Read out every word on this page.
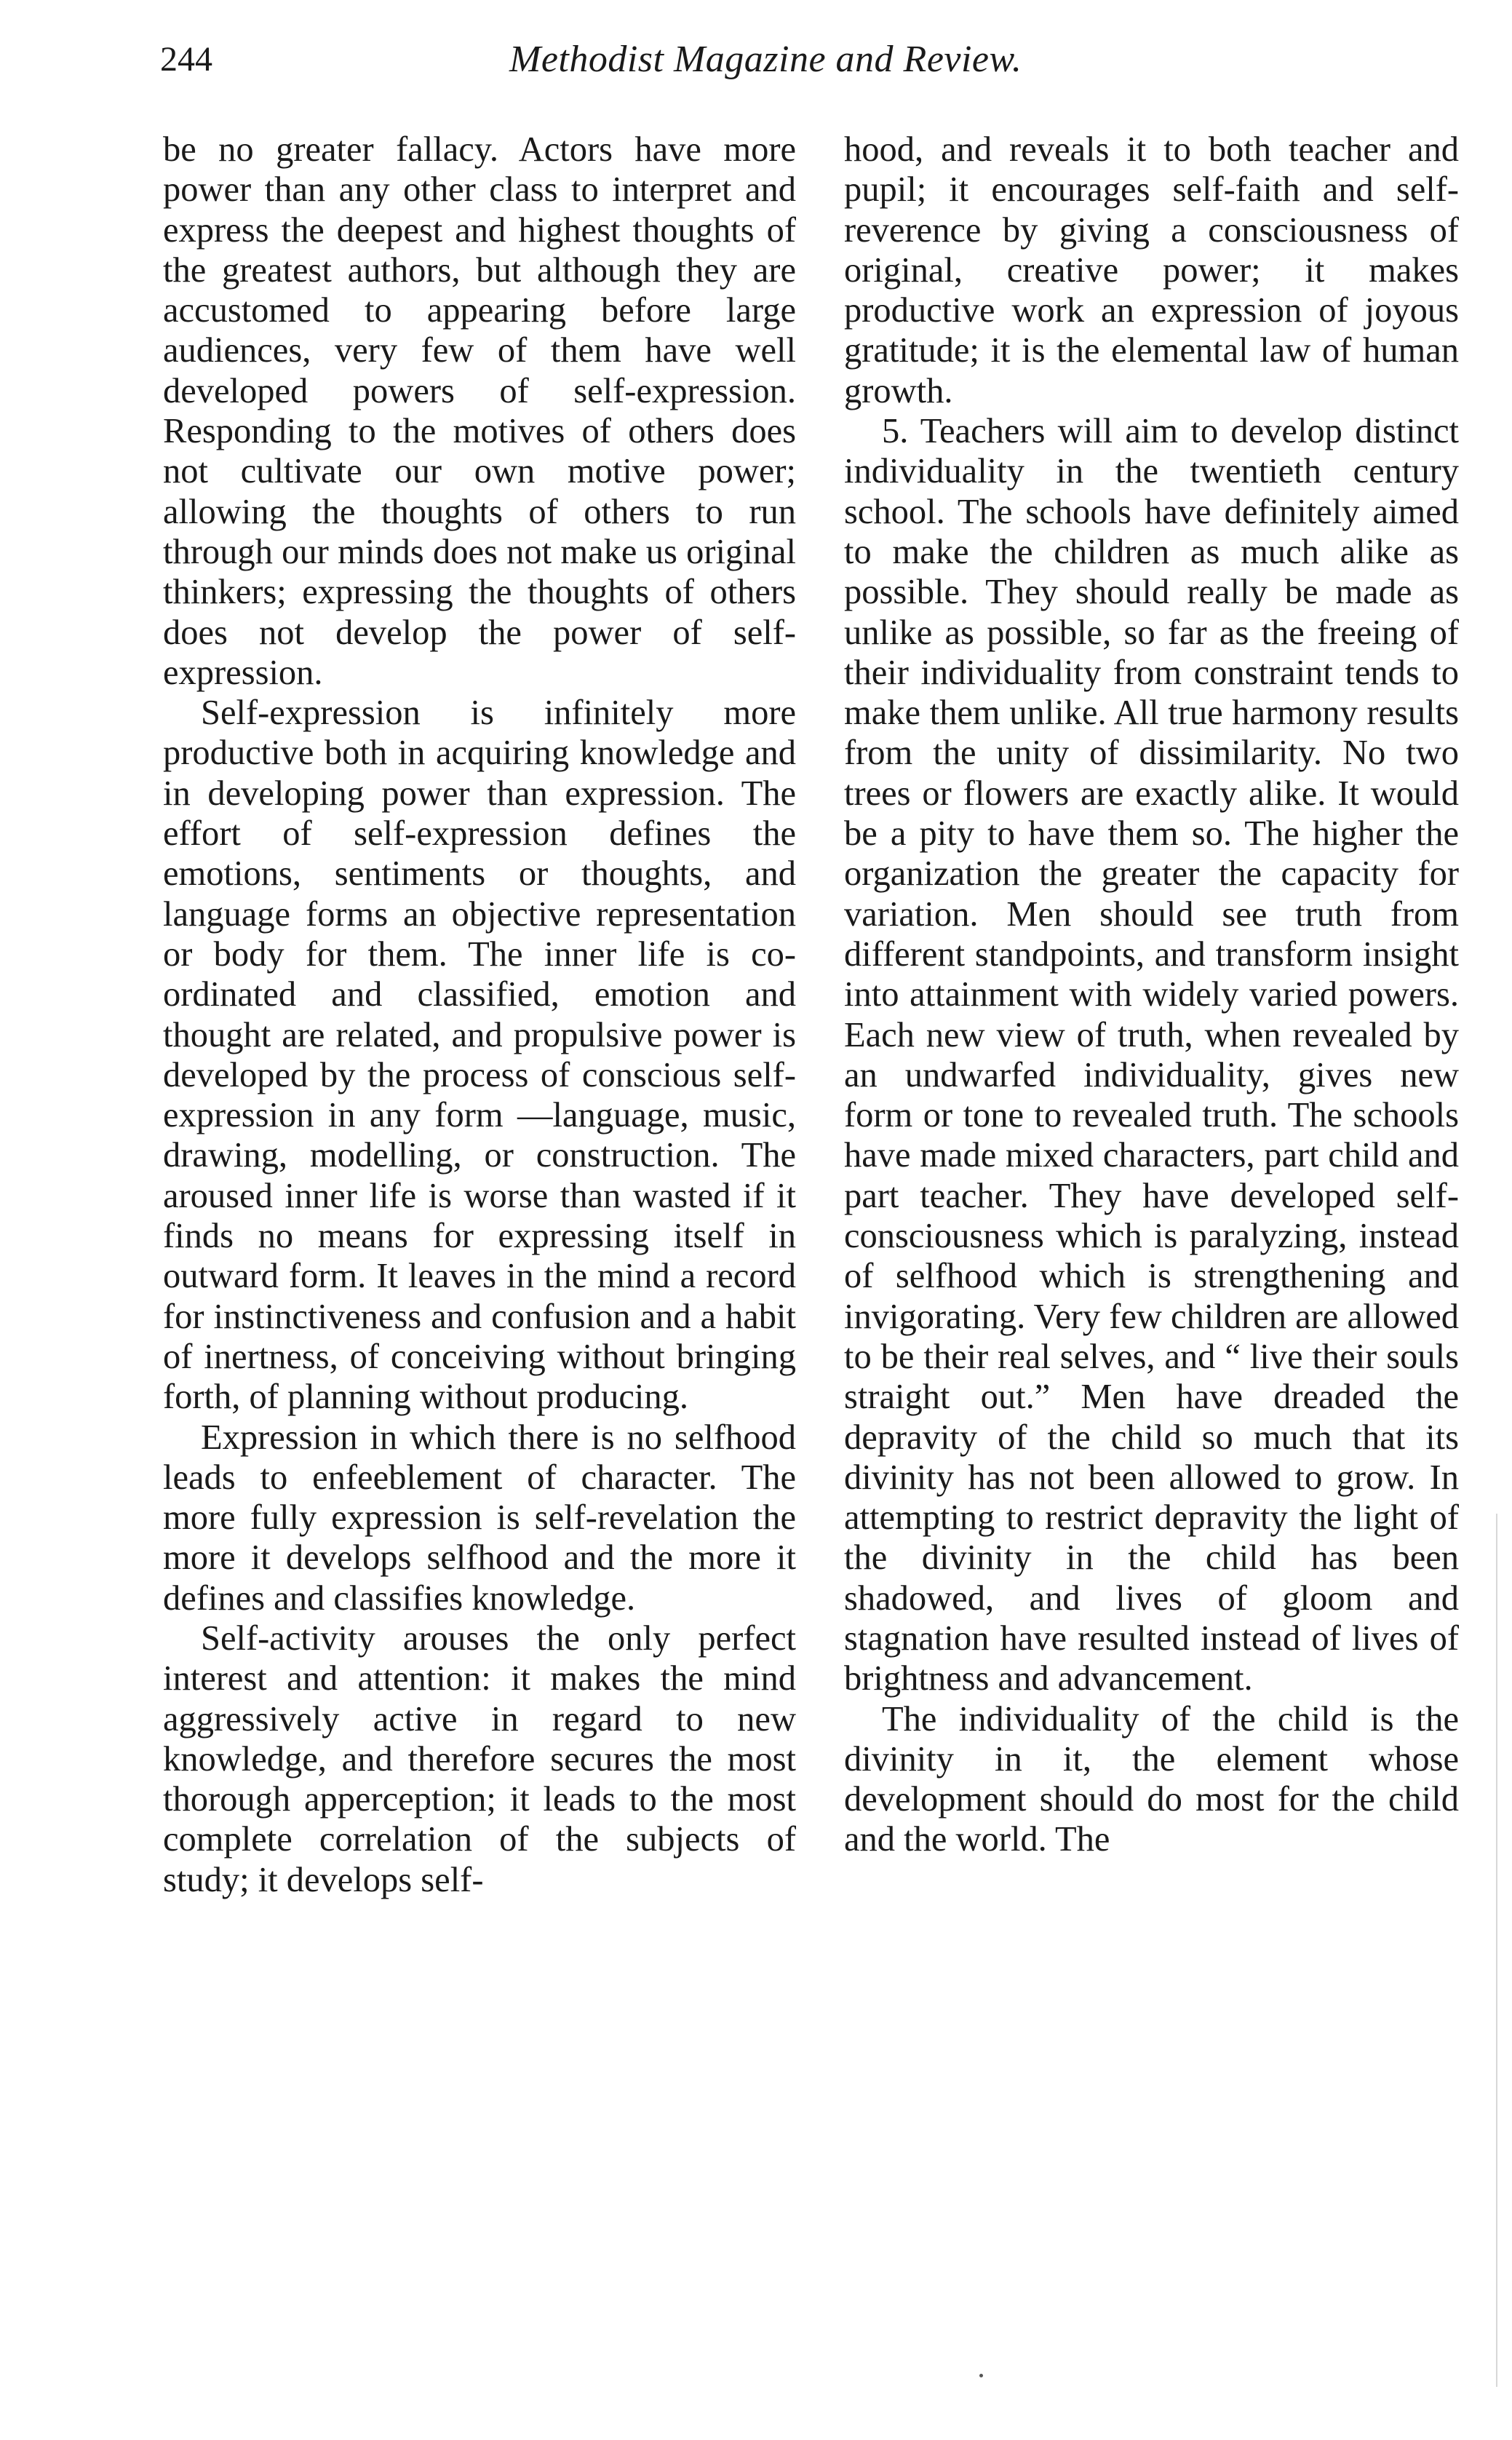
244	Methodist Magazine and Review.

be no greater fallacy. Actors have more power than any other class to interpret and express the deepest and highest thoughts of the greatest authors, but although they are accustomed to appearing before large audiences, very few of them have well developed powers of self-expression. Responding to the motives of others does not cultivate our own motive power; allowing the thoughts of others to run through our minds does not make us original thinkers; expressing the thoughts of others does not develop the power of self-expression.

Self-expression is infinitely more productive both in acquiring knowledge and in developing power than expression. The effort of self-expression defines the emotions, sentiments or thoughts, and language forms an objective representation or body for them. The inner life is co-ordinated and classified, emotion and thought are related, and propulsive power is developed by the process of conscious self-expression in any form —language, music, drawing, modelling, or construction. The aroused inner life is worse than wasted if it finds no means for expressing itself in outward form. It leaves in the mind a record for instinctiveness and confusion and a habit of inertness, of conceiving without bringing forth, of planning without producing.

Expression in which there is no selfhood leads to enfeeblement of character. The more fully expression is self-revelation the more it develops selfhood and the more it defines and classifies knowledge.

Self-activity arouses the only perfect interest and attention: it makes the mind aggressively active in regard to new knowledge, and therefore secures the most thorough apperception; it leads to the most complete correlation of the subjects of study; it develops self-

hood, and reveals it to both teacher and pupil; it encourages self-faith and self-reverence by giving a consciousness of original, creative power; it makes productive work an expression of joyous gratitude; it is the elemental law of human growth.

5. Teachers will aim to develop distinct individuality in the twentieth century school. The schools have definitely aimed to make the children as much alike as possible. They should really be made as unlike as possible, so far as the freeing of their individuality from constraint tends to make them unlike. All true harmony results from the unity of dissimilarity. No two trees or flowers are exactly alike. It would be a pity to have them so. The higher the organization the greater the capacity for variation. Men should see truth from different standpoints, and transform insight into attainment with widely varied powers. Each new view of truth, when revealed by an undwarfed individuality, gives new form or tone to revealed truth. The schools have made mixed characters, part child and part teacher. They have developed self-consciousness which is paralyzing, instead of selfhood which is strengthening and invigorating. Very few children are allowed to be their real selves, and “ live their souls straight out.” Men have dreaded the depravity of the child so much that its divinity has not been allowed to grow. In attempting to restrict depravity the light of the divinity in the child has been shadowed, and lives of gloom and stagnation have resulted instead of lives of brightness and advancement.

The individuality of the child is the divinity in it, the element whose development should do most for the child and the world. The
